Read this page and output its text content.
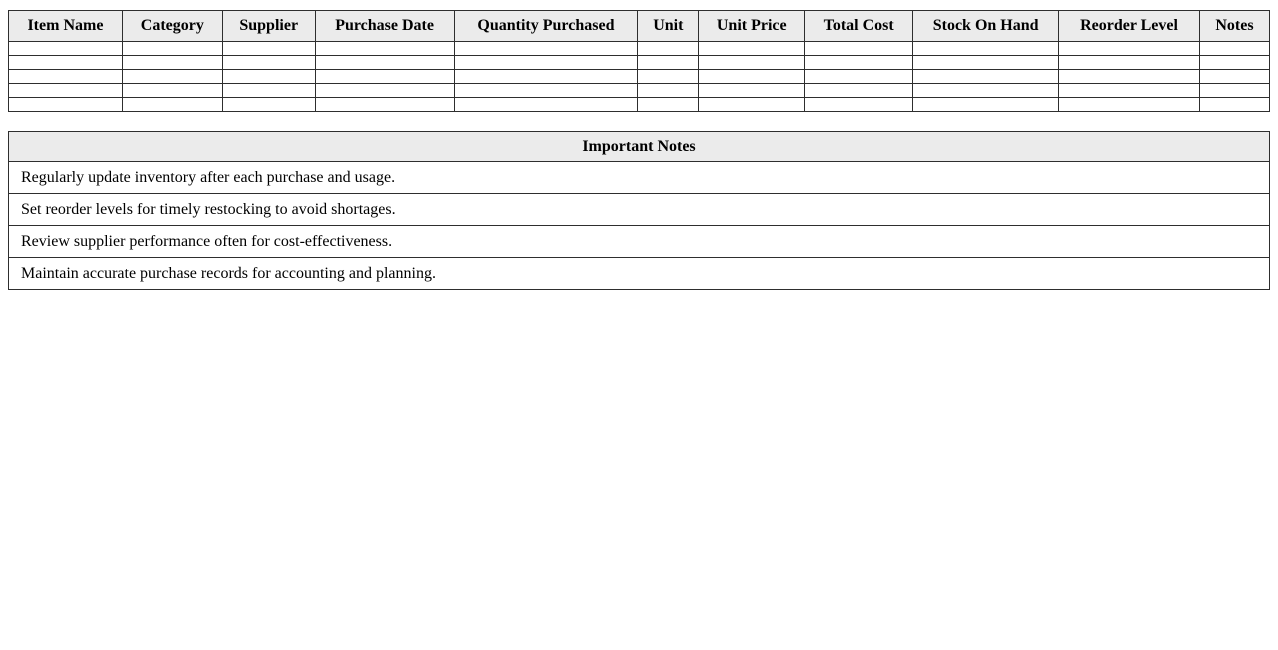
Item Name	Category	Supplier	Purchase Date	Quantity Purchased	Unit	Unit Price	Total Cost	Stock On Hand	Reorder Level	Notes

Important Notes
Regularly update inventory after each purchase and usage.
Set reorder levels for timely restocking to avoid shortages.
Review supplier performance often for cost-effectiveness.
Maintain accurate purchase records for accounting and planning.
